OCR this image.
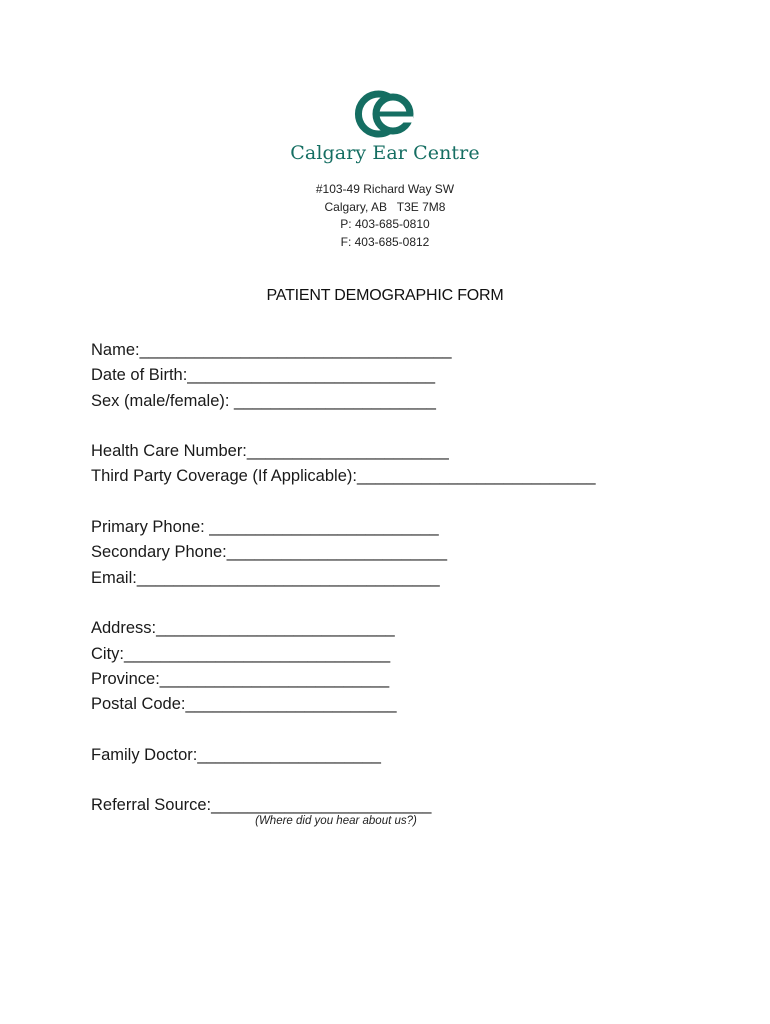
Calgary Ear Centre
#103-49 Richard Way SW
Calgary, AB   T3E 7M8
P: 403-685-0810
F: 403-685-0812
PATIENT DEMOGRAPHIC FORM
Name:__________________________________
Date of Birth:___________________________
Sex (male/female): ______________________
Health Care Number:______________________
Third Party Coverage (If Applicable):__________________________
Primary Phone: _________________________
Secondary Phone:________________________
Email:_________________________________
Address:__________________________
City:_____________________________
Province:_________________________
Postal Code:_______________________
Family Doctor:____________________
Referral Source:________________________
(Where did you hear about us?)
